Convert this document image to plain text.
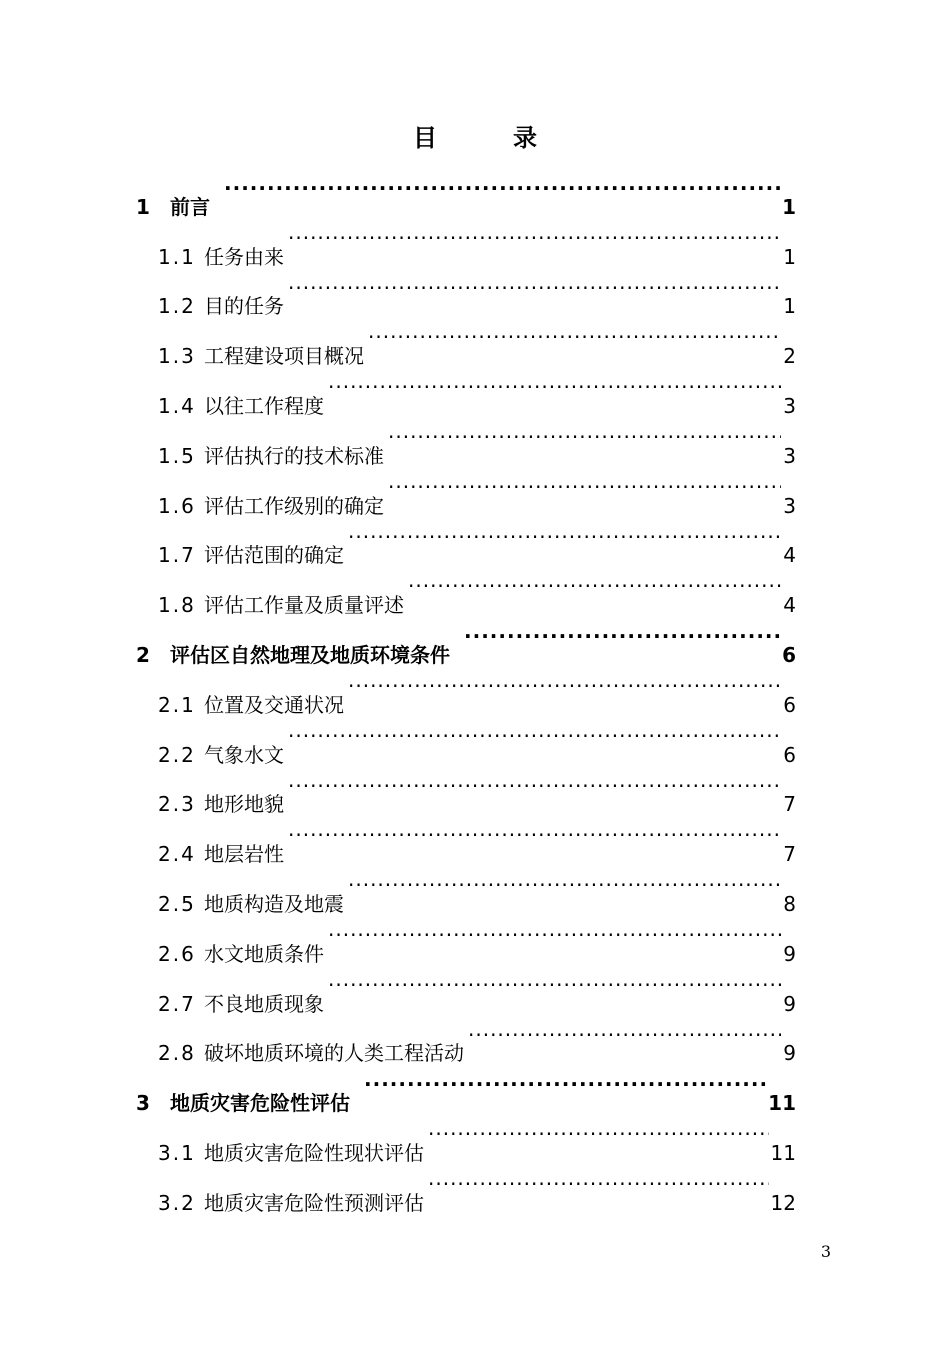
目	录
1	前言 ·····	1
1.1 任务由来 ·····	1
1.2 目的任务 ·····	1
1.3 工程建设项目概况 ·····	2
1.4 以往工作程度 ·····	3
1.5 评估执行的技术标准 ·····	3
1.6 评估工作级别的确定 ·····	3
1.7 评估范围的确定 ·····	4
1.8 评估工作量及质量评述 ·····	4
2	评估区自然地理及地质环境条件 ·····	6
2.1 位置及交通状况 ·····	6
2.2 气象水文 ·····	6
2.3 地形地貌 ·····	7
2.4 地层岩性 ·····	7
2.5 地质构造及地震 ·····	8
2.6 水文地质条件 ·····	9
2.7 不良地质现象 ·····	9
2.8 破坏地质环境的人类工程活动 ·····	9
3	地质灾害危险性评估 ·····	11
3.1 地质灾害危险性现状评估 ·····	11
3.2 地质灾害危险性预测评估 ·····	12
3
